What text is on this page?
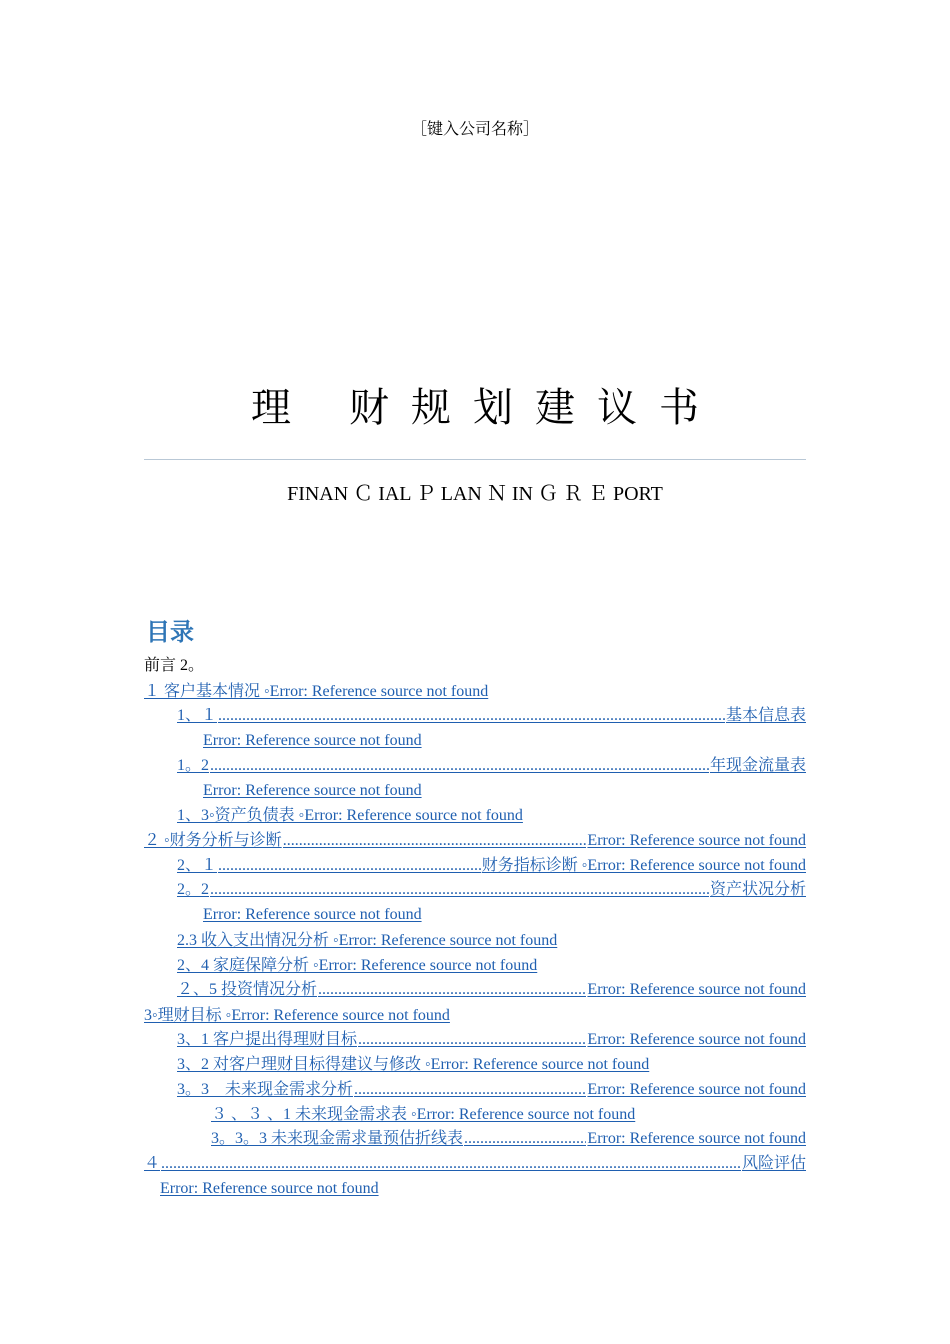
［键入公司名称］
理 财 规 划 建 议 书
FINAN Ｃ IAL Ｐ LAN Ｎ IN Ｇ Ｒ Ｅ PORT
目录
前言 2。
１ 客户基本情况 ◦Error: Reference source not found
1、１ .....	基本信息表
Error: Reference source not found
1。2 .....	年现金流量表
Error: Reference source not found
1、3◦资产负债表 ◦Error: Reference source not found
２ ◦财务分析与诊断 .....	Error: Reference source not found
2、１ .....	财务指标诊断 ◦Error: Reference source not found
2。2 .....	资产状况分析
Error: Reference source not found
2.3 收入支出情况分析 ◦Error: Reference source not found
2、4 家庭保障分析 ◦Error: Reference source not found
２、5 投资情况分析 .....	Error: Reference source not found
3◦理财目标 ◦Error: Reference source not found
3、1 客户提出得理财目标 .....	Error: Reference source not found
3、2 对客户理财目标得建议与修改 ◦Error: Reference source not found
3。3　未来现金需求分析 .....	Error: Reference source not found
３ 、３ 、1 未来现金需求表 ◦Error: Reference source not found
3。3。3 未来现金需求量预估折线表 .....	Error: Reference source not found
４ .....	风险评估
Error: Reference source not found
